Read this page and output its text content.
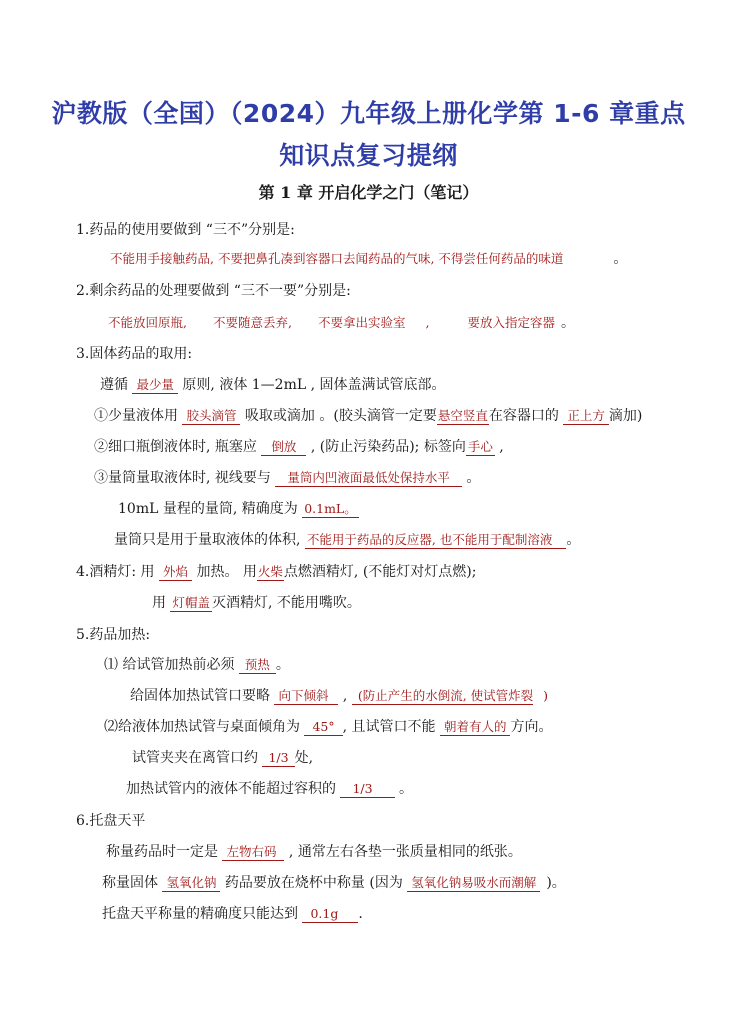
沪教版（全国）（2024）九年级上册化学第 1-6 章重点
知识点复习提纲
第 1 章 开启化学之门（笔记）
1.药品的使用要做到 “三不”分别是:
不能用手接触药品, 不要把鼻孔凑到容器口去闻药品的气味, 不得尝任何药品的味道	。
2.剩余药品的处理要做到 “三不一要”分别是:
不能放回原瓶, 不要随意丢弃, 不要拿出实验室 ,	要放入指定容器 。
3.固体药品的取用:
遵循 最少量 原则, 液体 1—2mL , 固体盖满试管底部。
①少量液体用 胶头滴管 吸取或滴加 。(胶头滴管一定要悬空竖直在容器口的 正上方 滴加)
②细口瓶倒液体时, 瓶塞应 倒放 , (防止污染药品); 标签向 手心 ,
③量筒量取液体时, 视线要与 量筒内凹液面最低处保持水平 。
10mL 量程的量筒, 精确度为 0.1mL。
量筒只是用于量取液体的体积, 不能用于药品的反应器, 也不能用于配制溶液 。
4.酒精灯: 用 外焰 加热。 用火柴点燃酒精灯, (不能灯对灯点燃);
用 灯帽盖 灭酒精灯, 不能用嘴吹。
5.药品加热:
⑴ 给试管加热前必须 预热 。
给固体加热试管口要略 向下倾斜 , (防止产生的水倒流, 使试管炸裂 )
⑵给液体加热试管与桌面倾角为 45° , 且试管口不能 朝着有人的 方向。
试管夹夹在离管口约 1/3 处,
加热试管内的液体不能超过容积的 1/3 。
6.托盘天平
称量药品时一定是 左物右码 , 通常左右各垫一张质量相同的纸张。
称量固体 氢氧化钠 药品要放在烧杯中称量 (因为 氢氧化钠易吸水而潮解 )。
托盘天平称量的精确度只能达到 0.1g .
